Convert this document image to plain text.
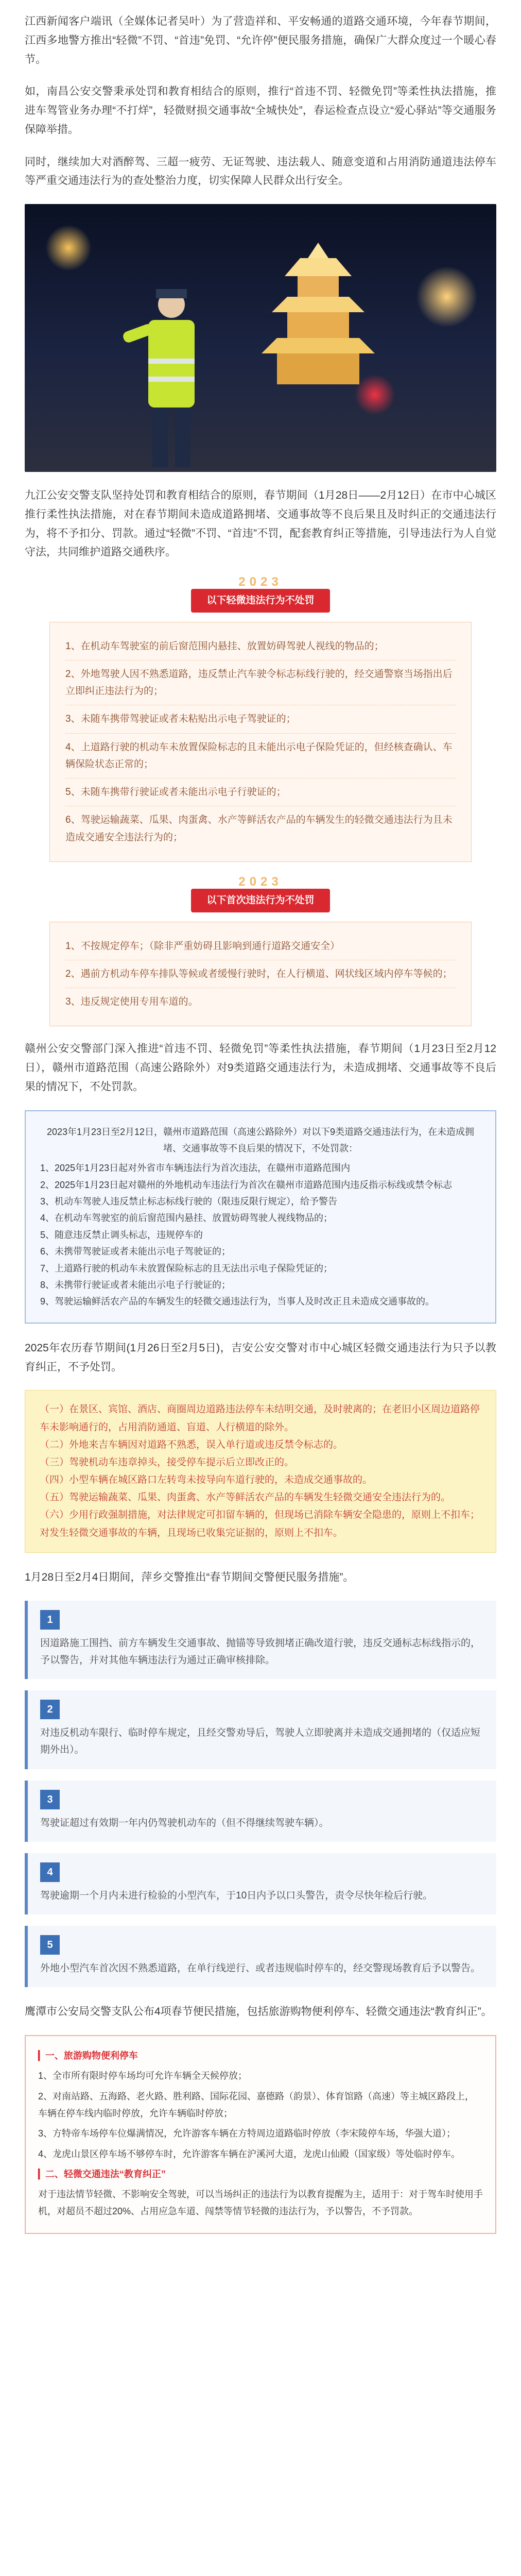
江西新闻客户端讯（全媒体记者吴叶）为了营造祥和、平安畅通的道路交通环境，今年春节期间，江西多地警方推出“轻微”不罚、“首违”免罚、“允许停”便民服务措施，确保广大群众度过一个暖心春节。

如，南昌公安交警秉承处罚和教育相结合的原则，推行“首违不罚、轻微免罚”等柔性执法措施，推进车驾管业务办理“不打烊”，轻微财损交通事故“全城快处”，春运检查点设立“爱心驿站”等交通服务保障举措。

同时，继续加大对酒醉驾、三超一疲劳、无证驾驶、违法载人、随意变道和占用消防通道违法停车等严重交通违法行为的查处整治力度，切实保障人民群众出行安全。

九江公安交警支队坚持处罚和教育相结合的原则，春节期间（1月28日——2月12日）在市中心城区推行柔性执法措施，对在春节期间未造成道路拥堵、交通事故等不良后果且及时纠正的交通违法行为，将不予扣分、罚款。通过“轻微”不罚、“首违”不罚，配套教育纠正等措施，引导违法行为人自觉守法，共同维护道路交通秩序。

2023
以下轻微违法行为不处罚
1、在机动车驾驶室的前后窗范围内悬挂、放置妨碍驾驶人视线的物品的；
2、外地驾驶人因不熟悉道路，违反禁止汽车驶令标志标线行驶的，经交通警察当场指出后立即纠正违法行为的；
3、未随车携带驾驶证或者未粘贴出示电子驾驶证的；
4、上道路行驶的机动车未放置保险标志的且未能出示电子保险凭证的，但经核查确认、车辆保险状态正常的；
5、未随车携带行驶证或者未能出示电子行驶证的；
6、驾驶运输蔬菜、瓜果、肉蛋禽、水产等鲜活农产品的车辆发生的轻微交通违法行为且未造成交通安全违法行为的；
2023
以下首次违法行为不处罚
1、不按规定停车；（除非严重妨碍且影响到通行道路交通安全）
2、遇前方机动车停车排队等候或者缓慢行驶时，在人行横道、网状线区域内停车等候的；
3、违反规定使用专用车道的。

赣州公安交警部门深入推进“首违不罚、轻微免罚”等柔性执法措施，春节期间（1月23日至2月12日），赣州市道路范围（高速公路除外）对9类道路交通违法行为，未造成拥堵、交通事故等不良后果的情况下，不处罚款。

2023年1月23日至2月12日，赣州市道路范围（高速公路除外）对以下9类道路交通违法行为，在未造成拥堵、交通事故等不良后果的情况下，不处罚款：
1、2025年1月23日起对外省市车辆违法行为首次违法，在赣州市道路范围内
2、2025年1月23日起对赣州的外地机动车违法行为首次在赣州市道路范围内违反指示标线或禁令标志
3、机动车驾驶人违反禁止标志标线行驶的（限违反限行规定），给予警告
4、在机动车驾驶室的前后窗范围内悬挂、放置妨碍驾驶人视线物品的；
5、随意违反禁止调头标志，违规停车的
6、未携带驾驶证或者未能出示电子驾驶证的；
7、上道路行驶的机动车未放置保险标志的且无法出示电子保险凭证的；
8、未携带行驶证或者未能出示电子行驶证的；
9、驾驶运输鲜活农产品的车辆发生的轻微交通违法行为，当事人及时改正且未造成交通事故的。

2025年农历春节期间(1月26日至2月5日)，吉安公安交警对市中心城区轻微交通违法行为只予以教育纠正，不予处罚。

（一）在景区、宾馆、酒店、商圈周边道路违法停车未结明交通，及时驶离的；在老旧小区周边道路停车未影响通行的，占用消防通道、盲道、人行横道的除外。
（二）外地来吉车辆因对道路不熟悉，误入单行道或违反禁令标志的。
（三）驾驶机动车违章掉头，接受停车提示后立即改正的。
（四）小型车辆在城区路口左转弯未按导向车道行驶的，未造成交通事故的。
（五）驾驶运输蔬菜、瓜果、肉蛋禽、水产等鲜活农产品的车辆发生轻微交通安全违法行为的。
（六）少用行政强制措施，对法律规定可扣留车辆的，但现场已消除车辆安全隐患的，原则上不扣车；对发生轻微交通事故的车辆，且现场已收集完证据的，原则上不扣车。

1月28日至2月4日期间，萍乡交警推出“春节期间交警便民服务措施”。

1
因道路施工围挡、前方车辆发生交通事故、抛锚等导致拥堵正确改道行驶，违反交通标志标线指示的，予以警告，并对其他车辆违法行为通过正确审核排除。
2
对违反机动车限行、临时停车规定，且经交警劝导后，驾驶人立即驶离并未造成交通拥堵的（仅适应短期外出）。
3
驾驶证超过有效期一年内仍驾驶机动车的（但不得继续驾驶车辆）。
4
驾驶逾期一个月内未进行检验的小型汽车，于10日内予以口头警告，责令尽快年检后行驶。
5
外地小型汽车首次因不熟悉道路，在单行线逆行、或者违规临时停车的，经交警现场教育后予以警告。

鹰潭市公安局交警支队公布4项春节便民措施，包括旅游购物便利停车、轻微交通违法“教育纠正”。

▎ 一、旅游购物便利停车
1、全市所有限时停车场均可允许车辆全天候停放；
2、对南站路、五海路、老火路、胜利路、国际花园、嘉德路（韵景）、体育馆路（高速）等主城区路段上，车辆在停车线内临时停放，允许车辆临时停放；
3、方特帝车场停车位爆满情况，允许游客车辆在方特周边道路临时停放（李宋陵停车场，华强大道）；
4、龙虎山景区停车场不够停车时，允许游客车辆在沪溪河大道，龙虎山仙殿（国家级）等处临时停车。
▎ 二、轻微交通违法“教育纠正”
对于违法情节轻微、不影响安全驾驶，可以当场纠正的违法行为以教育提醒为主，适用于：对于驾车时使用手机，对超员不超过20%、占用应急车道、闯禁等情节轻微的违法行为，予以警告，不予罚款。
